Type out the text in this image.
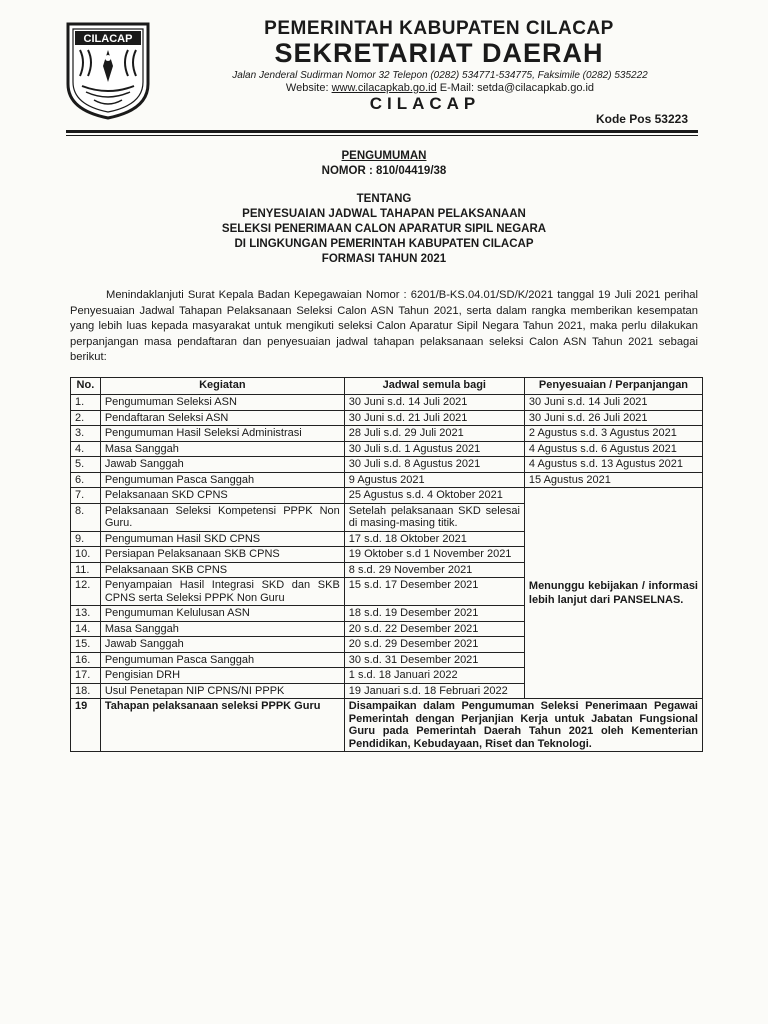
CILACAP	PEMERINTAH KABUPATEN CILACAP
SEKRETARIAT DAERAH
Jalan Jenderal Sudirman Nomor 32 Telepon (0282) 534771-534775, Faksimile (0282) 535222
Website: www.cilacapkab.go.id E-Mail: setda@cilacapkab.go.id
CILACAP
Kode Pos 53223
PENGUMUMAN
NOMOR : 810/04419/38
TENTANG
PENYESUAIAN JADWAL TAHAPAN PELAKSANAAN
SELEKSI PENERIMAAN CALON APARATUR SIPIL NEGARA
DI LINGKUNGAN PEMERINTAH KABUPATEN CILACAP
FORMASI TAHUN 2021
Menindaklanjuti Surat Kepala Badan Kepegawaian Nomor : 6201/B-KS.04.01/SD/K/2021 tanggal 19 Juli 2021 perihal Penyesuaian Jadwal Tahapan Pelaksanaan Seleksi Calon ASN Tahun 2021, serta dalam rangka memberikan kesempatan yang lebih luas kepada masyarakat untuk mengikuti seleksi Calon Aparatur Sipil Negara Tahun 2021, maka perlu dilakukan perpanjangan masa pendaftaran dan penyesuaian jadwal tahapan pelaksanaan seleksi Calon ASN Tahun 2021 sebagai berikut:
No.	Kegiatan	Jadwal semula bagi	Penyesuaian / Perpanjangan
1.	Pengumuman Seleksi ASN	30 Juni s.d. 14 Juli 2021	30 Juni s.d. 14 Juli 2021
2.	Pendaftaran Seleksi ASN	30 Juni s.d. 21 Juli 2021	30 Juni s.d. 26 Juli 2021
3.	Pengumuman Hasil Seleksi Administrasi	28 Juli s.d. 29 Juli 2021	2 Agustus s.d. 3 Agustus 2021
4.	Masa Sanggah	30 Juli s.d. 1 Agustus 2021	4 Agustus s.d. 6 Agustus 2021
5.	Jawab Sanggah	30 Juli s.d. 8 Agustus 2021	4 Agustus s.d. 13 Agustus 2021
6.	Pengumuman Pasca Sanggah	9 Agustus 2021	15 Agustus 2021
7.	Pelaksanaan SKD CPNS	25 Agustus s.d. 4 Oktober 2021	Menunggu kebijakan / informasi lebih lanjut dari PANSELNAS.
8.	Pelaksanaan Seleksi Kompetensi PPPK Non Guru.	Setelah pelaksanaan SKD selesai di masing-masing titik.	
9.	Pengumuman Hasil SKD CPNS	17 s.d. 18 Oktober 2021	
10.	Persiapan Pelaksanaan SKB CPNS	19 Oktober s.d 1 November 2021	
11.	Pelaksanaan SKB CPNS	8 s.d. 29 November 2021	
12.	Penyampaian Hasil Integrasi SKD dan SKB CPNS serta Seleksi PPPK Non Guru	15 s.d. 17 Desember 2021	
13.	Pengumuman Kelulusan ASN	18 s.d. 19 Desember 2021	
14.	Masa Sanggah	20 s.d. 22 Desember 2021	
15.	Jawab Sanggah	20 s.d. 29 Desember 2021	
16.	Pengumuman Pasca Sanggah	30 s.d. 31 Desember 2021	
17.	Pengisian DRH	1 s.d. 18 Januari 2022	
18.	Usul Penetapan NIP CPNS/NI PPPK	19 Januari s.d. 18 Februari 2022	
19	Tahapan pelaksanaan seleksi PPPK Guru	Disampaikan dalam Pengumuman Seleksi Penerimaan Pegawai Pemerintah dengan Perjanjian Kerja untuk Jabatan Fungsional Guru pada Pemerintah Daerah Tahun 2021 oleh Kementerian Pendidikan, Kebudayaan, Riset dan Teknologi.	
